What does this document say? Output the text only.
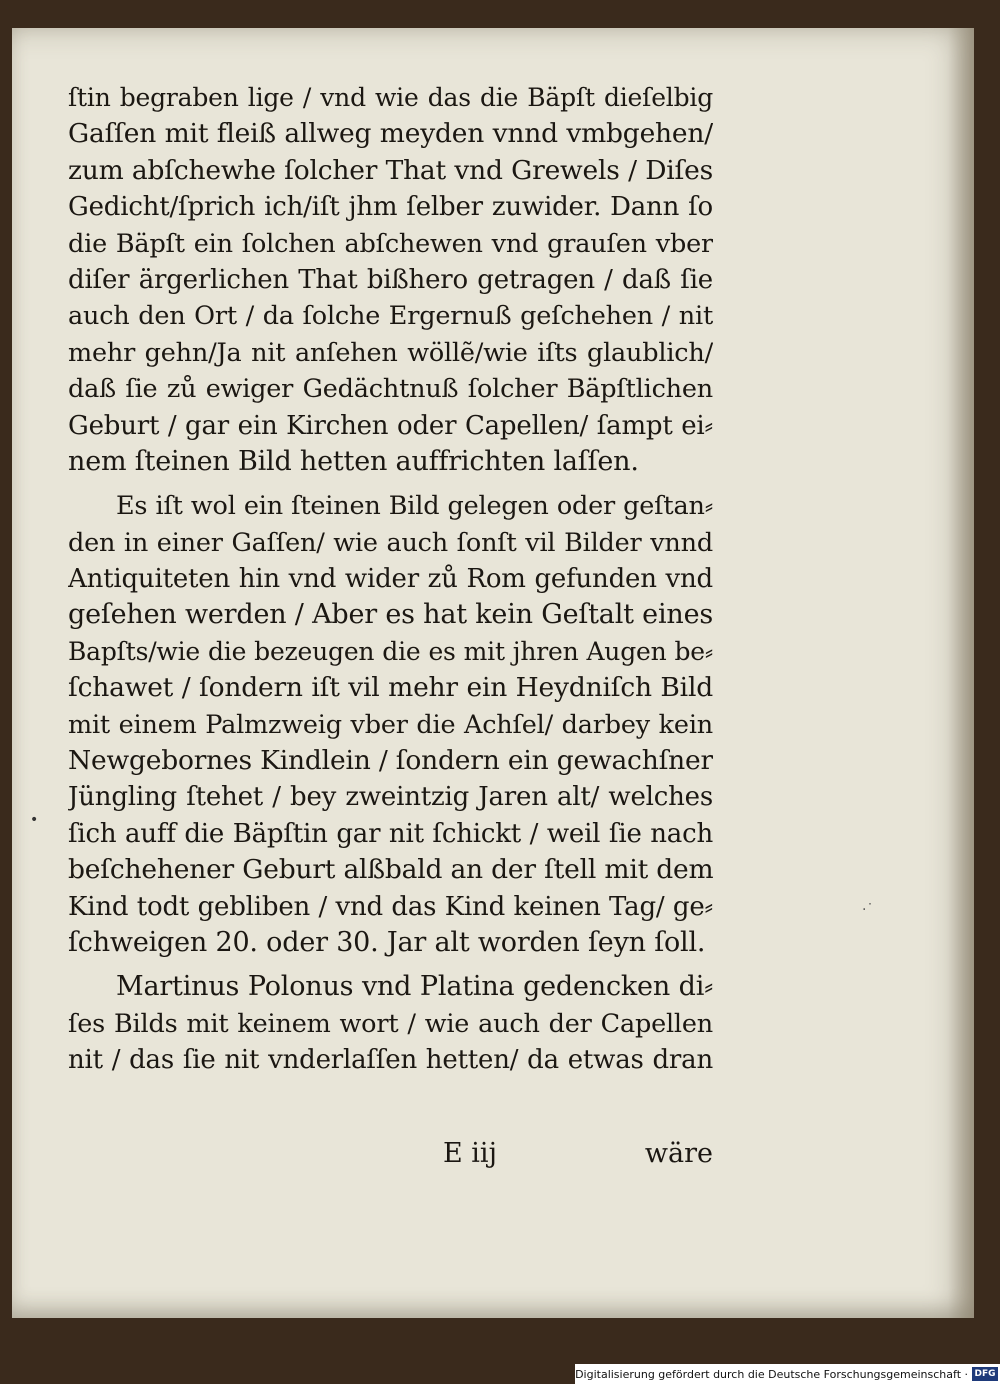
ſtin begraben lige / vnd wie das die Bäpſt dieſelbig
Gaſſen mit fleiß allweg meyden vnnd vmbgehen/
zum abſchewhe ſolcher That vnd Grewels / Diſes
Gedicht/ſprich ich/iſt jhm ſelber zuwider. Dann ſo
die Bäpſt ein ſolchen abſchewen vnd grauſen vber
diſer ärgerlichen That bißhero getragen / daß ſie
auch den Ort / da ſolche Ergernuß geſchehen / nit
mehr gehn/Ja nit anſehen wöllẽ/wie iſts glaublich/
daß ſie zů ewiger Gedächtnuß ſolcher Bäpſtlichen
Geburt / gar ein Kirchen oder Capellen/ ſampt ei⸗
nem ſteinen Bild hetten auffrichten laſſen.
Es iſt wol ein ſteinen Bild gelegen oder geſtan⸗
den in einer Gaſſen/ wie auch ſonſt vil Bilder vnnd
Antiquiteten hin vnd wider zů Rom gefunden vnd
geſehen werden / Aber es hat kein Geſtalt eines
Bapſts/wie die bezeugen die es mit jhren Augen be⸗
ſchawet / ſondern iſt vil mehr ein Heydniſch Bild
mit einem Palmzweig vber die Achſel/ darbey kein
Newgebornes Kindlein / ſondern ein gewachſner
Jüngling ſtehet / bey zweintzig Jaren alt/ welches
ſich auff die Bäpſtin gar nit ſchickt / weil ſie nach
beſchehener Geburt alßbald an der ſtell mit dem
Kind todt gebliben / vnd das Kind keinen Tag/ ge⸗
ſchweigen 20. oder 30. Jar alt worden ſeyn ſoll.
Martinus Polonus vnd Platina gedencken di⸗
ſes Bilds mit keinem wort / wie auch der Capellen
nit / das ſie nit vnderlaſſen hetten/ da etwas dran
E iij	wäre
•
·˙
Digitalisierung gefördert durch die Deutsche Forschungsgemeinschaft · DFG
